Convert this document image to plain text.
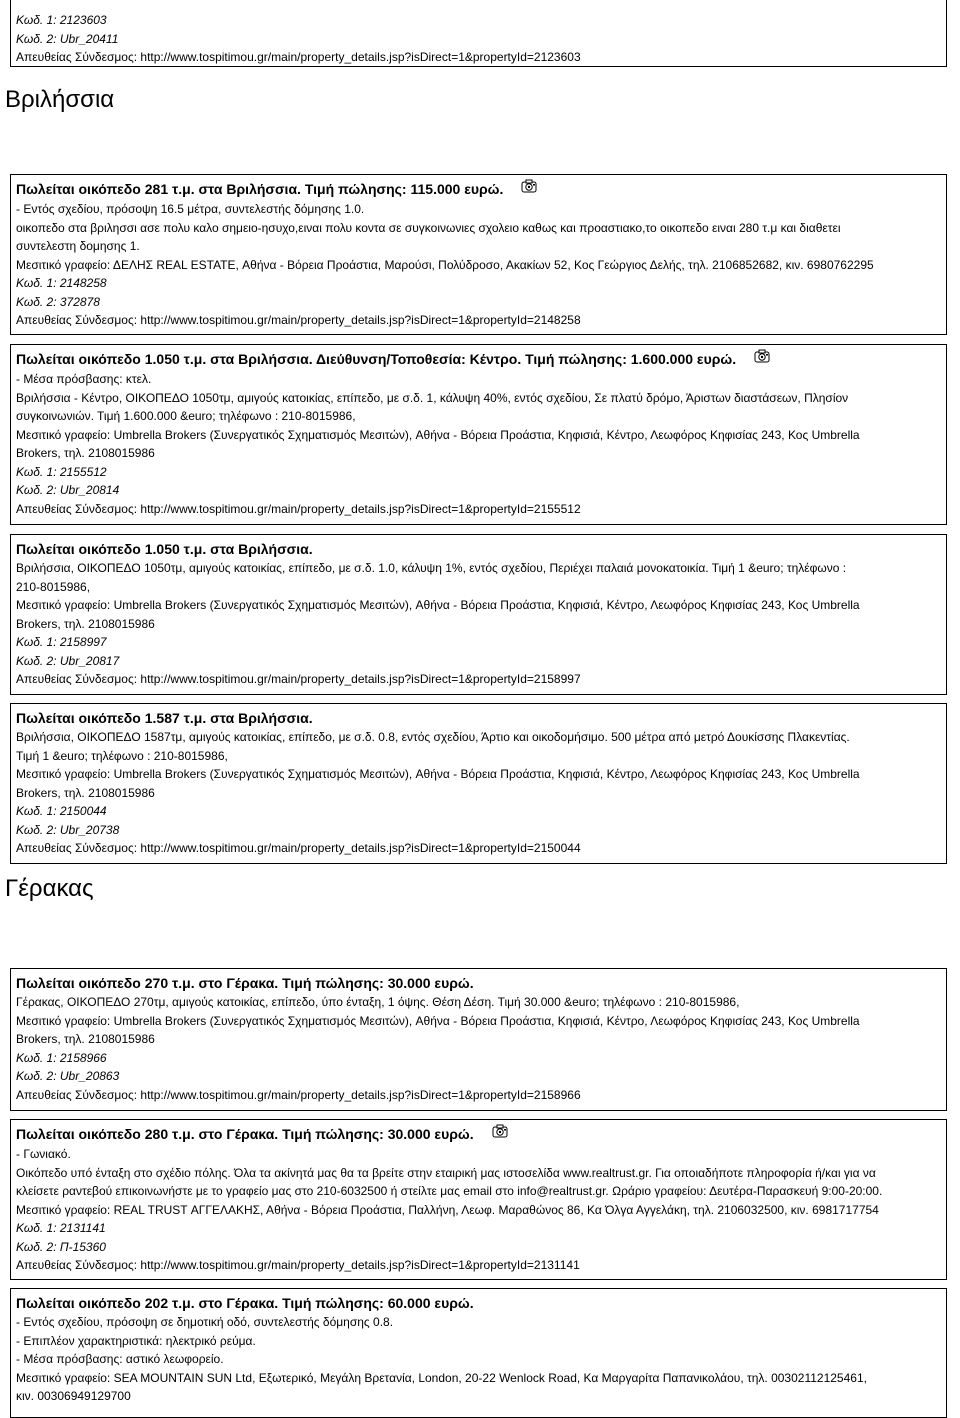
Κωδ. 1: 2123603
Κωδ. 2: Ubr_20411
Απευθείας Σύνδεσμος: http://www.tospitimou.gr/main/property_details.jsp?isDirect=1&propertyId=2123603
Βριλήσσια
Πωλείται οικόπεδο 281 τ.μ. στα Βριλήσσια. Τιμή πώλησης: 115.000 ευρώ.
- Εντός σχεδίου, πρόσοψη 16.5 μέτρα, συντελεστής δόμησης 1.0.
οικοπεδο στα βριλησσι ασε πολυ καλο σημειο-ησυχο,ειναι πολυ κοντα σε συγκοινωνιες σχολειο καθως και προαστιακο,το οικοπεδο ειναι 280 τ.μ και διαθετει
συντελεστη δομησης 1.
Μεσιτικό γραφείο: ΔΕΛΗΣ REAL ESTATE, Αθήνα - Βόρεια Προάστια, Μαρούσι, Πολύδροσο, Ακακίων 52, Κος Γεώργιος Δελής, τηλ. 2106852682, κιν. 6980762295
Κωδ. 1: 2148258
Κωδ. 2: 372878
Απευθείας Σύνδεσμος: http://www.tospitimou.gr/main/property_details.jsp?isDirect=1&propertyId=2148258
Πωλείται οικόπεδο 1.050 τ.μ. στα Βριλήσσια. Διεύθυνση/Τοποθεσία: Κέντρο. Τιμή πώλησης: 1.600.000 ευρώ.
- Μέσα πρόσβασης: κτελ.
Βριλήσσια - Κέντρο, ΟΙΚΟΠΕΔΟ 1050τμ, αμιγούς κατοικίας, επίπεδο, με σ.δ. 1, κάλυψη 40%, εντός σχεδίου, Σε πλατύ δρόμο, Άριστων διαστάσεων, Πλησίον
συγκοινωνιών. Τιμή 1.600.000 &euro; τηλέφωνο : 210-8015986,
Μεσιτικό γραφείο: Umbrella Brokers (Συνεργατικός Σχηματισμός Μεσιτών), Αθήνα - Βόρεια Προάστια, Κηφισιά, Κέντρο, Λεωφόρος Κηφισίας 243, Κος Umbrella
Brokers, τηλ. 2108015986
Κωδ. 1: 2155512
Κωδ. 2: Ubr_20814
Απευθείας Σύνδεσμος: http://www.tospitimou.gr/main/property_details.jsp?isDirect=1&propertyId=2155512
Πωλείται οικόπεδο 1.050 τ.μ. στα Βριλήσσια.
Βριλήσσια, ΟΙΚΟΠΕΔΟ 1050τμ, αμιγούς κατοικίας, επίπεδο, με σ.δ. 1.0, κάλυψη 1%, εντός σχεδίου, Περιέχει παλαιά μονοκατοικία. Τιμή 1 &euro; τηλέφωνο :
210-8015986,
Μεσιτικό γραφείο: Umbrella Brokers (Συνεργατικός Σχηματισμός Μεσιτών), Αθήνα - Βόρεια Προάστια, Κηφισιά, Κέντρο, Λεωφόρος Κηφισίας 243, Κος Umbrella
Brokers, τηλ. 2108015986
Κωδ. 1: 2158997
Κωδ. 2: Ubr_20817
Απευθείας Σύνδεσμος: http://www.tospitimou.gr/main/property_details.jsp?isDirect=1&propertyId=2158997
Πωλείται οικόπεδο 1.587 τ.μ. στα Βριλήσσια.
Βριλήσσια, ΟΙΚΟΠΕΔΟ 1587τμ, αμιγούς κατοικίας, επίπεδο, με σ.δ. 0.8, εντός σχεδίου, Άρτιο και οικοδομήσιμο. 500 μέτρα από μετρό Δουκίσσης Πλακεντίας.
Τιμή 1 &euro; τηλέφωνο : 210-8015986,
Μεσιτικό γραφείο: Umbrella Brokers (Συνεργατικός Σχηματισμός Μεσιτών), Αθήνα - Βόρεια Προάστια, Κηφισιά, Κέντρο, Λεωφόρος Κηφισίας 243, Κος Umbrella
Brokers, τηλ. 2108015986
Κωδ. 1: 2150044
Κωδ. 2: Ubr_20738
Απευθείας Σύνδεσμος: http://www.tospitimou.gr/main/property_details.jsp?isDirect=1&propertyId=2150044
Γέρακας
Πωλείται οικόπεδο 270 τ.μ. στο Γέρακα. Τιμή πώλησης: 30.000 ευρώ.
Γέρακας, ΟΙΚΟΠΕΔΟ 270τμ, αμιγούς κατοικίας, επίπεδο, ύπο ένταξη, 1 όψης. Θέση Δέση. Τιμή 30.000 &euro; τηλέφωνο : 210-8015986,
Μεσιτικό γραφείο: Umbrella Brokers (Συνεργατικός Σχηματισμός Μεσιτών), Αθήνα - Βόρεια Προάστια, Κηφισιά, Κέντρο, Λεωφόρος Κηφισίας 243, Κος Umbrella
Brokers, τηλ. 2108015986
Κωδ. 1: 2158966
Κωδ. 2: Ubr_20863
Απευθείας Σύνδεσμος: http://www.tospitimou.gr/main/property_details.jsp?isDirect=1&propertyId=2158966
Πωλείται οικόπεδο 280 τ.μ. στο Γέρακα. Τιμή πώλησης: 30.000 ευρώ.
- Γωνιακό.
Οικόπεδο υπό ένταξη στο σχέδιο πόλης. Όλα τα ακίνητά μας θα τα βρείτε στην εταιρική μας ιστοσελίδα www.realtrust.gr. Για οποιαδήποτε πληροφορία ή/και για να
κλείσετε ραντεβού επικοινωνήστε με το γραφείο μας στο 210-6032500 ή στείλτε μας email στο info@realtrust.gr. Ωράριο γραφείου: Δευτέρα-Παρασκευή 9:00-20:00.
Μεσιτικό γραφείο: REAL TRUST ΑΓΓΕΛΑΚΗΣ, Αθήνα - Βόρεια Προάστια, Παλλήνη, Λεωφ. Μαραθώνος 86, Κα Όλγα Αγγελάκη, τηλ. 2106032500, κιν. 6981717754
Κωδ. 1: 2131141
Κωδ. 2: Π-15360
Απευθείας Σύνδεσμος: http://www.tospitimou.gr/main/property_details.jsp?isDirect=1&propertyId=2131141
Πωλείται οικόπεδο 202 τ.μ. στο Γέρακα. Τιμή πώλησης: 60.000 ευρώ.
- Εντός σχεδίου, πρόσοψη σε δημοτική οδό, συντελεστής δόμησης 0.8.
- Επιπλέον χαρακτηριστικά: ηλεκτρικό ρεύμα.
- Μέσα πρόσβασης: αστικό λεωφορείο.
Μεσιτικό γραφείο: SEA MOUNTAIN SUN Ltd, Εξωτερικό, Μεγάλη Βρετανία, London, 20-22 Wenlock Road, Κα Μαργαρίτα Παπανικολάου, τηλ. 00302112125461,
κιν. 00306949129700
